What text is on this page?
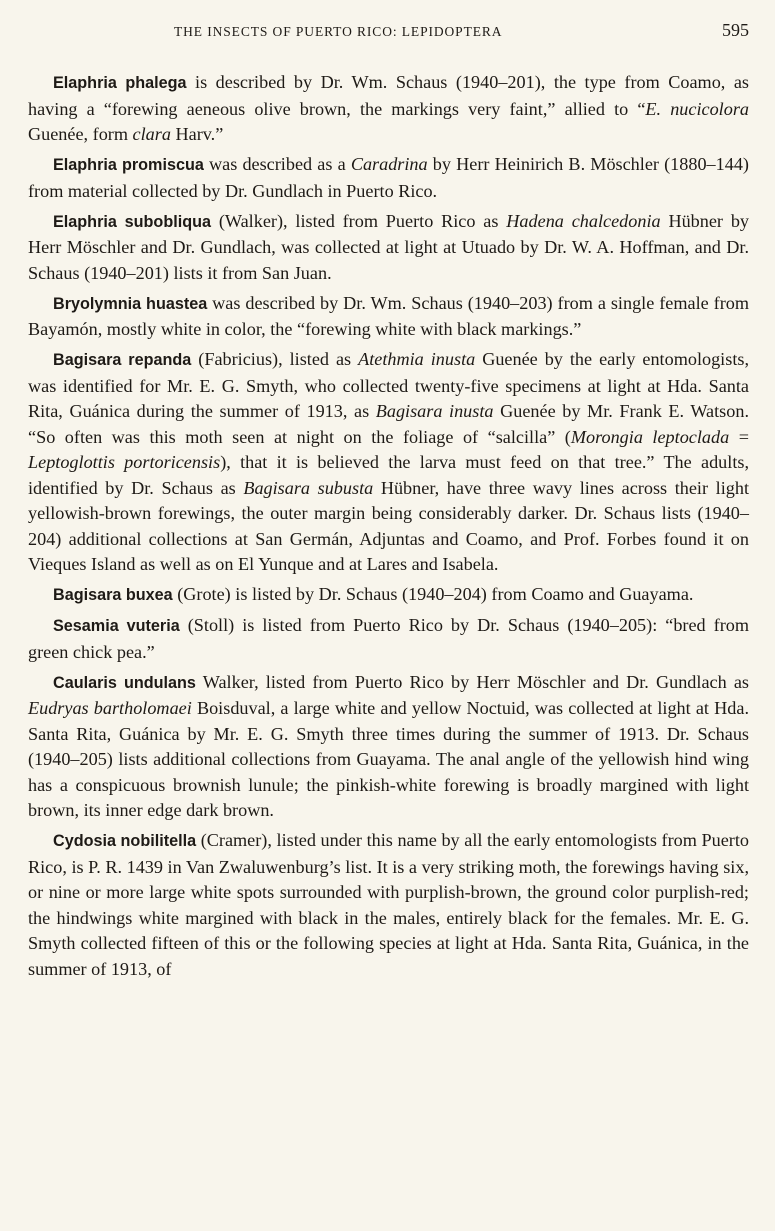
THE INSECTS OF PUERTO RICO: LEPIDOPTERA	595

Elaphria phalega is described by Dr. Wm. Schaus (1940–201), the type from Coamo, as having a “forewing aeneous olive brown, the markings very faint,” allied to “E. nucicolora Guenée, form clara Harv.”

Elaphria promiscua was described as a Caradrina by Herr Heinirich B. Möschler (1880–144) from material collected by Dr. Gundlach in Puerto Rico.

Elaphria subobliqua (Walker), listed from Puerto Rico as Hadena chalcedonia Hübner by Herr Möschler and Dr. Gundlach, was collected at light at Utuado by Dr. W. A. Hoffman, and Dr. Schaus (1940–201) lists it from San Juan.

Bryolymnia huastea was described by Dr. Wm. Schaus (1940–203) from a single female from Bayamón, mostly white in color, the “forewing white with black markings.”

Bagisara repanda (Fabricius), listed as Atethmia inusta Guenée by the early entomologists, was identified for Mr. E. G. Smyth, who collected twenty-five specimens at light at Hda. Santa Rita, Guánica during the summer of 1913, as Bagisara inusta Guenée by Mr. Frank E. Watson. “So often was this moth seen at night on the foliage of “salcilla” (Morongia leptoclada = Leptoglottis portoricensis), that it is believed the larva must feed on that tree.” The adults, identified by Dr. Schaus as Bagisara subusta Hübner, have three wavy lines across their light yellowish-brown forewings, the outer margin being considerably darker. Dr. Schaus lists (1940–204) additional collections at San Germán, Adjuntas and Coamo, and Prof. Forbes found it on Vieques Island as well as on El Yunque and at Lares and Isabela.

Bagisara buxea (Grote) is listed by Dr. Schaus (1940–204) from Coamo and Guayama.

Sesamia vuteria (Stoll) is listed from Puerto Rico by Dr. Schaus (1940–205): “bred from green chick pea.”

Caularis undulans Walker, listed from Puerto Rico by Herr Möschler and Dr. Gundlach as Eudryas bartholomaei Boisduval, a large white and yellow Noctuid, was collected at light at Hda. Santa Rita, Guánica by Mr. E. G. Smyth three times during the summer of 1913. Dr. Schaus (1940–205) lists additional collections from Guayama. The anal angle of the yellowish hind wing has a conspicuous brownish lunule; the pinkish-white forewing is broadly margined with light brown, its inner edge dark brown.

Cydosia nobilitella (Cramer), listed under this name by all the early entomologists from Puerto Rico, is P. R. 1439 in Van Zwaluwenburg’s list. It is a very striking moth, the forewings having six, or nine or more large white spots surrounded with purplish-brown, the ground color purplish-red; the hindwings white margined with black in the males, entirely black for the females. Mr. E. G. Smyth collected fifteen of this or the following species at light at Hda. Santa Rita, Guánica, in the summer of 1913, of
